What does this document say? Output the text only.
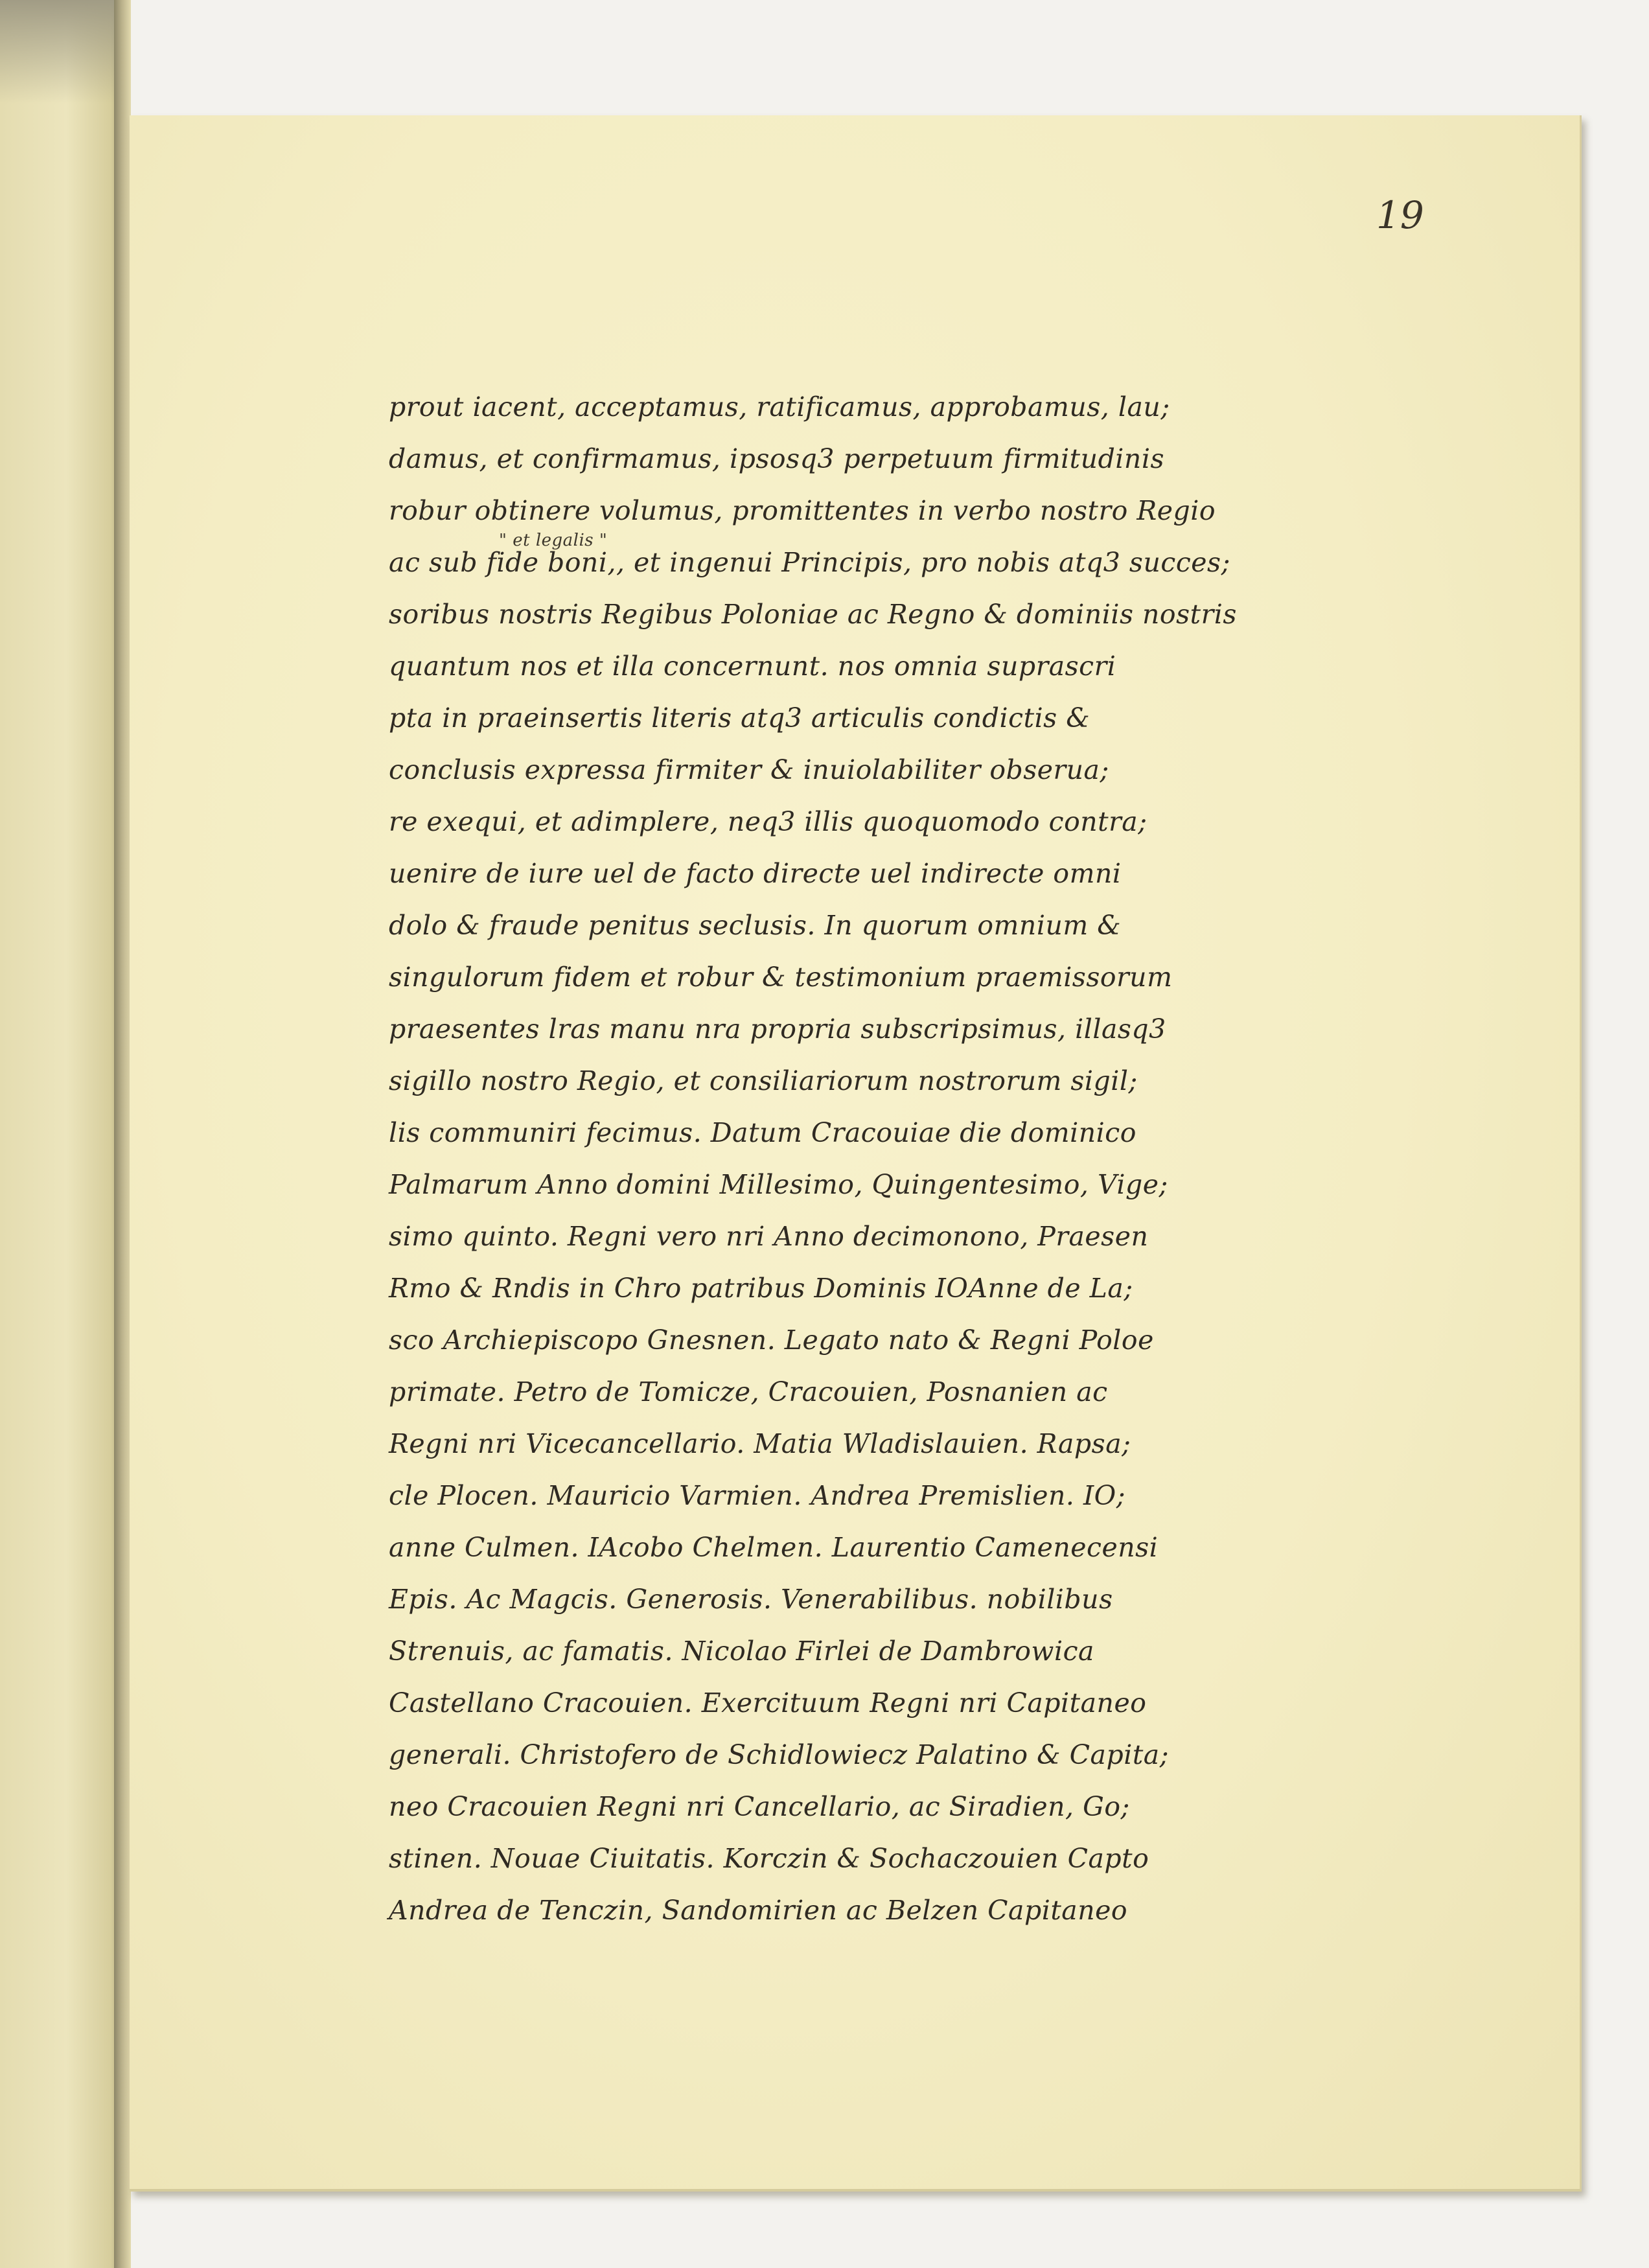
19
prout iacent, acceptamus, ratificamus, approbamus, lau;
damus, et confirmamus, ipsosq3 perpetuum firmitudinis
robur obtinere volumus, promittentes in verbo nostro Regio
" et legalis "
ac sub fide boni,, et ingenui Principis, pro nobis atq3 succes;
soribus nostris Regibus Poloniae ac Regno & dominiis nostris
quantum nos et illa concernunt. nos omnia suprascri
pta in praeinsertis literis atq3 articulis condictis &
conclusis expressa firmiter & inuiolabiliter obserua;
re exequi, et adimplere, neq3 illis quoquomodo contra;
uenire de iure uel de facto directe uel indirecte omni
dolo & fraude penitus seclusis. In quorum omnium &
singulorum fidem et robur & testimonium praemissorum
praesentes lras manu nra propria subscripsimus, illasq3
sigillo nostro Regio, et consiliariorum nostrorum sigil;
lis communiri fecimus. Datum Cracouiae die dominico
Palmarum Anno domini Millesimo, Quingentesimo, Vige;
simo quinto. Regni vero nri Anno decimonono, Praesen
Rmo & Rndis in Chro patribus Dominis IOAnne de La;
sco Archiepiscopo Gnesnen. Legato nato & Regni Poloe
primate. Petro de Tomicze, Cracouien, Posnanien ac
Regni nri Vicecancellario. Matia Wladislauien. Rapsa;
cle Plocen. Mauricio Varmien. Andrea Premislien. IO;
anne Culmen. IAcobo Chelmen. Laurentio Camenecensi
Epis. Ac Magcis. Generosis. Venerabilibus. nobilibus
Strenuis, ac famatis. Nicolao Firlei de Dambrowica
Castellano Cracouien. Exercituum Regni nri Capitaneo
generali. Christofero de Schidlowiecz Palatino & Capita;
neo Cracouien Regni nri Cancellario, ac Siradien, Go;
stinen. Nouae Ciuitatis. Korczin & Sochaczouien Capto
Andrea de Tenczin, Sandomirien ac Belzen Capitaneo
